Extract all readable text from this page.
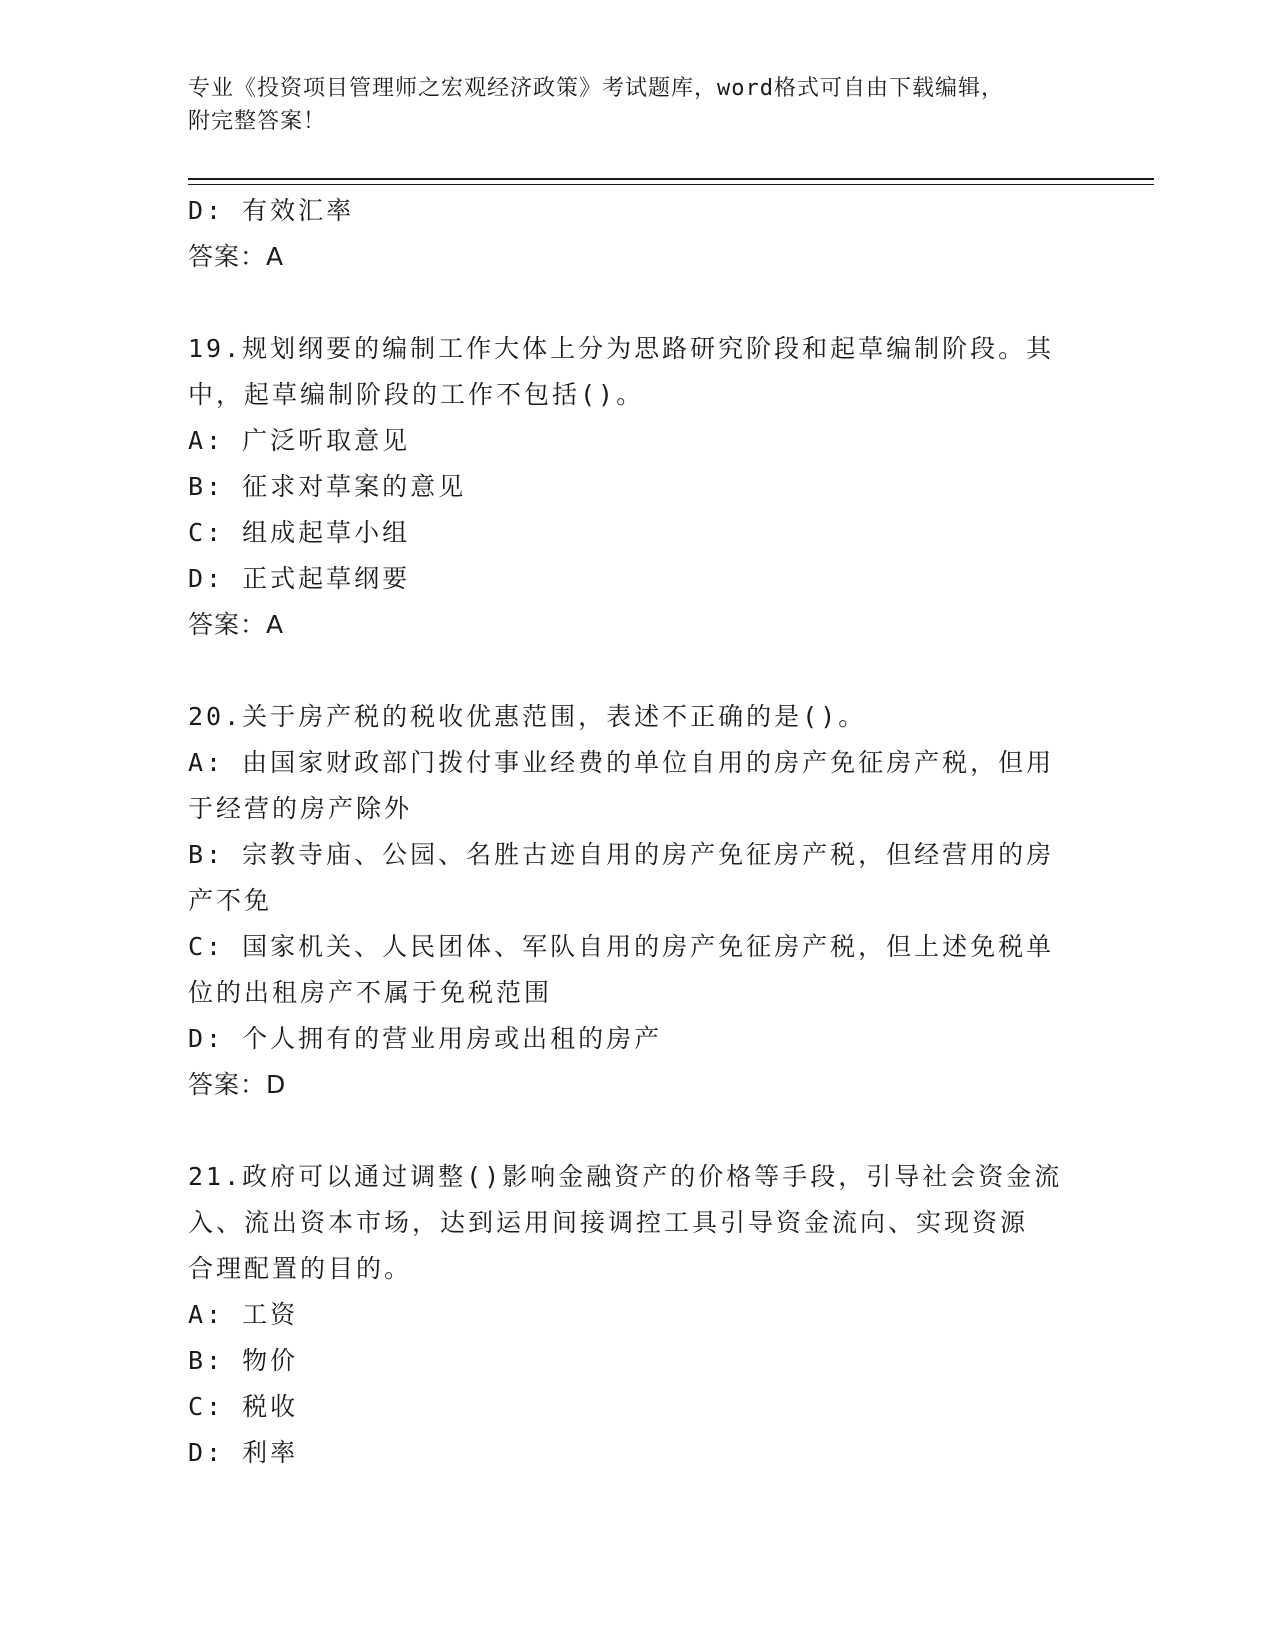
专业《投资项目管理师之宏观经济政策》考试题库，word格式可自由下载编辑，
附完整答案！

D: 有效汇率

答案：A

19.规划纲要的编制工作大体上分为思路研究阶段和起草编制阶段。其

中，起草编制阶段的工作不包括()。

A: 广泛听取意见

B: 征求对草案的意见

C: 组成起草小组

D: 正式起草纲要

答案：A

20.关于房产税的税收优惠范围，表述不正确的是()。

A: 由国家财政部门拨付事业经费的单位自用的房产免征房产税，但用

于经营的房产除外

B: 宗教寺庙、公园、名胜古迹自用的房产免征房产税，但经营用的房

产不免

C: 国家机关、人民团体、军队自用的房产免征房产税，但上述免税单

位的出租房产不属于免税范围

D: 个人拥有的营业用房或出租的房产

答案：D

21.政府可以通过调整()影响金融资产的价格等手段，引导社会资金流

入、流出资本市场，达到运用间接调控工具引导资金流向、实现资源

合理配置的目的。

A: 工资

B: 物价

C: 税收

D: 利率
